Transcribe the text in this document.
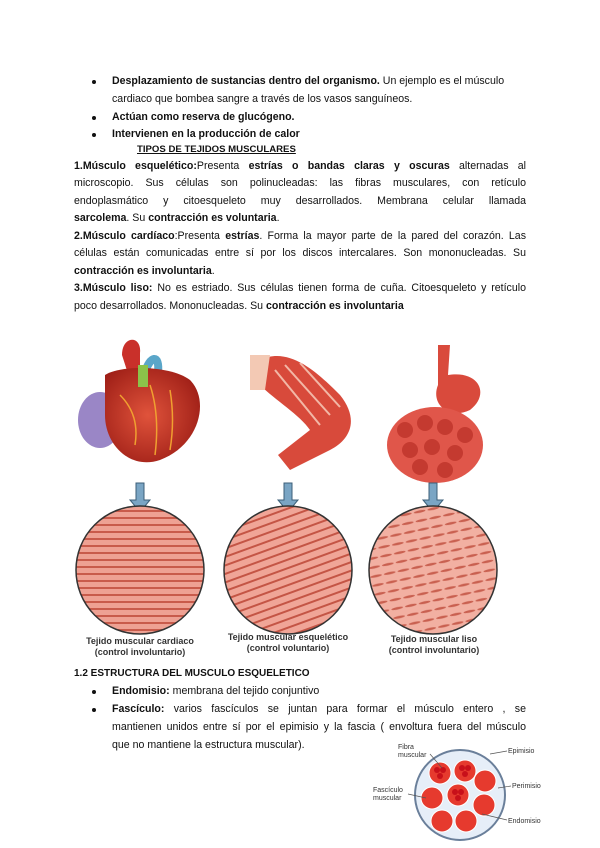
Desplazamiento de sustancias dentro del organismo. Un ejemplo es el músculo
cardiaco que bombea sangre a través de los vasos sanguíneos.
Actúan como reserva de glucógeno.
Intervienen en la producción de calor
TIPOS DE TEJIDOS MUSCULARES
1.Músculo esquelético:Presenta estrías o bandas claras y oscuras alternadas al
microscopio. Sus células son polinucleadas: las fibras musculares, con retículo
endoplasmático y citoesqueleto muy desarrollados. Membrana celular llamada
sarcolema. Su contracción es voluntaria.
2.Músculo cardíaco:Presenta estrías. Forma la mayor parte de la pared del corazón. Las
células están comunicadas entre sí por los discos intercalares. Son mononucleadas. Su
contracción es involuntaria.
3.Músculo liso: No es estriado. Sus células tienen forma de cuña. Citoesqueleto y retículo
poco desarrollados. Mononucleadas. Su contracción es involuntaria
Tejido muscular cardiaco
(control involuntario)
Tejido muscular esquelético
(control voluntario)
Tejido muscular liso
(control involuntario)
1.2 ESTRUCTURA DEL MUSCULO ESQUELETICO
Endomisio: membrana del tejido conjuntivo
Fascículo: varios fascículos se juntan para formar el músculo entero , se
mantienen unidos entre sí por el epimisio y la fascia ( envoltura fuera del músculo
que no mantiene la estructura muscular).	Fibra
muscular
Epimisio
Perimisio
Fascículo
muscular
Endomisio
